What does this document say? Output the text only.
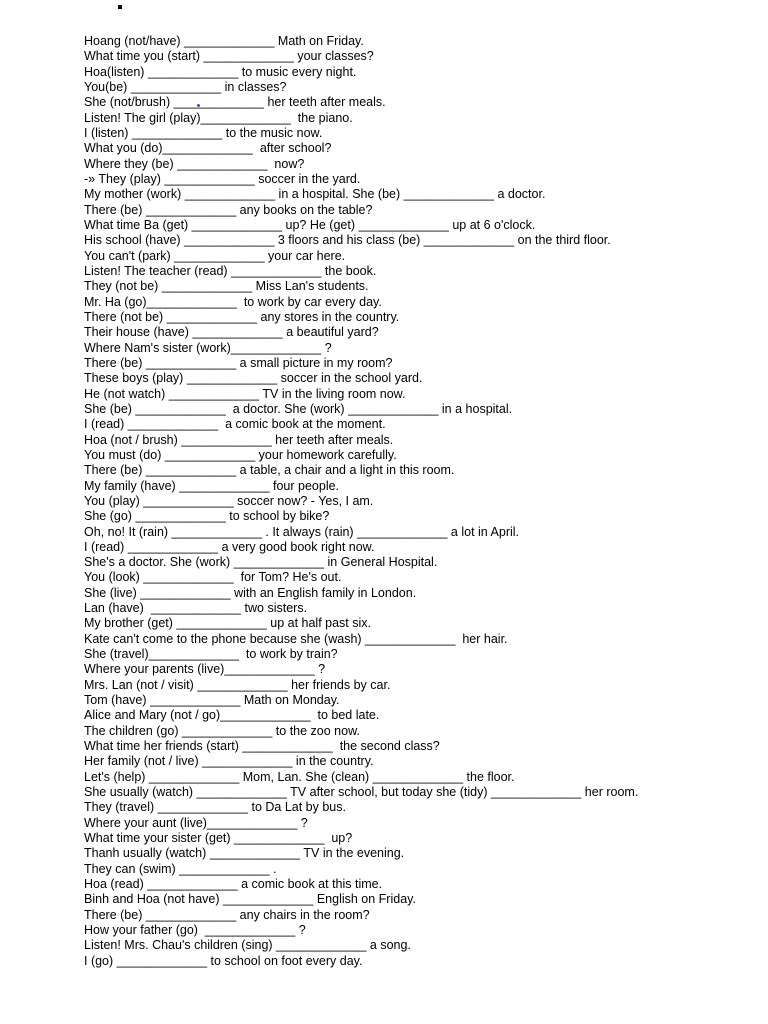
Hoang (not/have) _____________ Math on Friday.
What time you (start) _____________ your classes?
Hoa(listen) _____________ to music every night.
You(be) _____________ in classes?
She (not/brush) _____________ her teeth after meals.
Listen! The girl (play)_____________  the piano.
I (listen) _____________ to the music now.
What you (do)_____________  after school?
Where they (be) _____________  now?
-» They (play) _____________ soccer in the yard.
My mother (work) _____________ in a hospital. She (be) _____________ a doctor.
There (be) _____________ any books on the table?
What time Ba (get) _____________ up? He (get) _____________ up at 6 o'clock.
His school (have) _____________ 3 floors and his class (be) _____________ on the third floor.
You can't (park) _____________ your car here.
Listen! The teacher (read) _____________ the book.
They (not be) _____________ Miss Lan's students.
Mr. Ha (go)_____________  to work by car every day.
There (not be) _____________ any stores in the country.
Their house (have) _____________ a beautiful yard?
Where Nam's sister (work)_____________ ?
There (be) _____________ a small picture in my room?
These boys (play) _____________ soccer in the school yard.
He (not watch) _____________ TV in the living room now.
She (be) _____________  a doctor. She (work) _____________ in a hospital.
I (read) _____________  a comic book at the moment.
Hoa (not / brush) _____________ her teeth after meals.
You must (do) _____________ your homework carefully.
There (be) _____________ a table, a chair and a light in this room.
My family (have) _____________ four people.
You (play) _____________ soccer now? - Yes, I am.
She (go) _____________ to school by bike?
Oh, no! It (rain) _____________ . It always (rain) _____________ a lot in April.
I (read) _____________ a very good book right now.
She's a doctor. She (work) _____________ in General Hospital.
You (look) _____________  for Tom? He's out.
She (live) _____________ with an English family in London.
Lan (have)  _____________ two sisters.
My brother (get) _____________ up at half past six.
Kate can't come to the phone because she (wash) _____________  her hair.
She (travel)_____________  to work by train?
Where your parents (live)_____________ ?
Mrs. Lan (not / visit) _____________ her friends by car.
Tom (have) _____________ Math on Monday.
Alice and Mary (not / go)_____________  to bed late.
The children (go) _____________ to the zoo now.
What time her friends (start) _____________  the second class?
Her family (not / live) _____________ in the country.
Let's (help) _____________ Mom, Lan. She (clean) _____________ the floor.
She usually (watch) _____________ TV after school, but today she (tidy) _____________ her room.
They (travel) _____________ to Da Lat by bus.
Where your aunt (live)_____________ ?
What time your sister (get) _____________  up?
Thanh usually (watch) _____________ TV in the evening.
They can (swim) _____________ .
Hoa (read) _____________ a comic book at this time.
Binh and Hoa (not have) _____________ English on Friday.
There (be) _____________ any chairs in the room?
How your father (go)  _____________ ?
Listen! Mrs. Chau's children (sing) _____________ a song.
I (go) _____________ to school on foot every day.
